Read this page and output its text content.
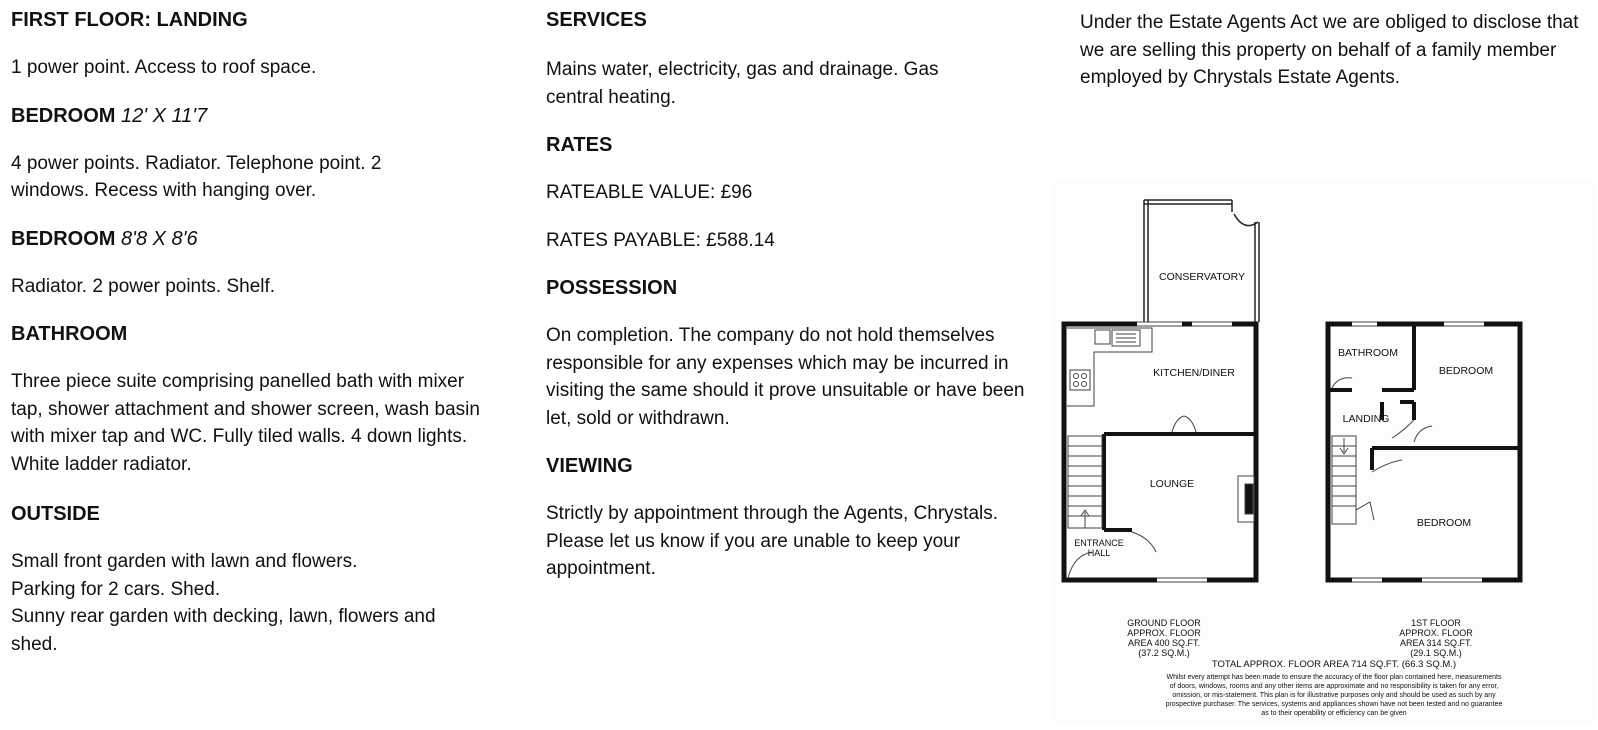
FIRST FLOOR: LANDING

1 power point. Access to roof space.

BEDROOM 12' X 11'7

4 power points. Radiator. Telephone point. 2 windows. Recess with hanging over.

BEDROOM 8'8 X 8'6

Radiator. 2 power points. Shelf.

BATHROOM

Three piece suite comprising panelled bath with mixer tap, shower attachment and shower screen, wash basin with mixer tap and WC. Fully tiled walls. 4 down lights. White ladder radiator.

OUTSIDE

Small front garden with lawn and flowers.

Parking for 2 cars. Shed.

Sunny rear garden with decking, lawn, flowers and shed.

SERVICES

Mains water, electricity, gas and drainage. Gas central heating.

RATES

RATEABLE VALUE: £96

RATES PAYABLE: £588.14

POSSESSION

On completion. The company do not hold themselves responsible for any expenses which may be incurred in visiting the same should it prove unsuitable or have been let, sold or withdrawn.

VIEWING

Strictly by appointment through the Agents, Chrystals. Please let us know if you are unable to keep your appointment.

Under the Estate Agents Act we are obliged to disclose that we are selling this property on behalf of a family member employed by Chrystals Estate Agents.

CONSERVATORY
KITCHEN/DINER
LOUNGE
ENTRANCE
HALL
BATHROOM
BEDROOM
LANDING
BEDROOM
GROUND FLOOR
APPROX. FLOOR
AREA 400 SQ.FT.
(37.2 SQ.M.)
1ST FLOOR
APPROX. FLOOR
AREA 314 SQ.FT.
(29.1 SQ.M.)
TOTAL APPROX. FLOOR AREA 714 SQ.FT. (66.3 SQ.M.)
Whilst every attempt has been made to ensure the accuracy of the floor plan contained here, measurements
of doors, windows, rooms and any other items are approximate and no responsibility is taken for any error,
omission, or mis-statement. This plan is for illustrative purposes only and should be used as such by any
prospective purchaser. The services, systems and appliances shown have not been tested and no guarantee
as to their operability or efficiency can be given
